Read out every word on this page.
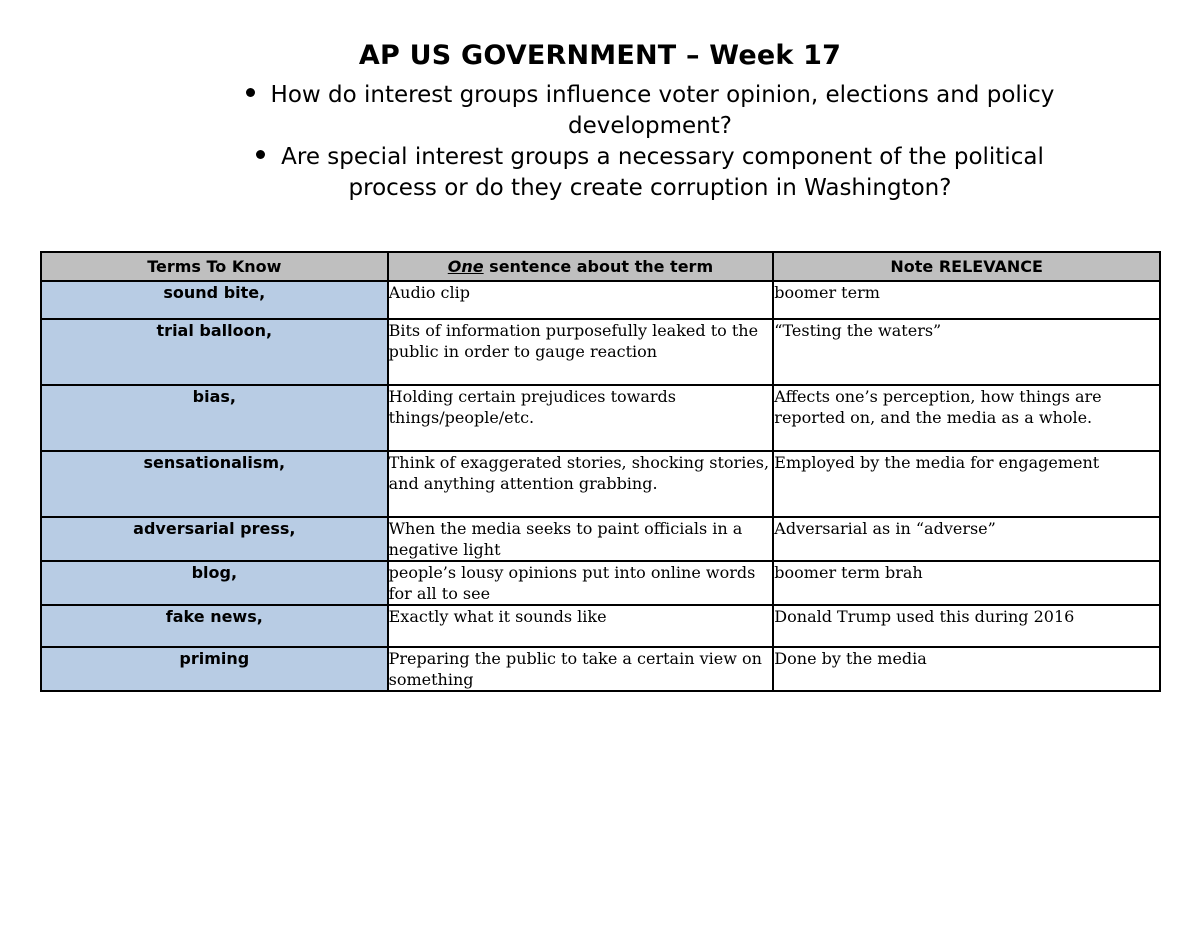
AP US GOVERNMENT – Week 17
How do interest groups influence voter opinion, elections and policy development?
Are special interest groups a necessary component of the political process or do they create corruption in Washington?
Terms To Know	One sentence about the term	Note RELEVANCE
sound bite,	Audio clip	boomer term
trial balloon,	Bits of information purposefully leaked to the public in order to gauge reaction	“Testing the waters”
bias,	Holding certain prejudices towards things/people/etc.	Affects one’s perception, how things are reported on, and the media as a whole.
sensationalism,	Think of exaggerated stories, shocking stories, and anything attention grabbing.	Employed by the media for engagement
adversarial press,	When the media seeks to paint officials in a negative light	Adversarial as in “adverse”
blog,	people’s lousy opinions put into online words for all to see	boomer term brah
fake news,	Exactly what it sounds like	Donald Trump used this during 2016
priming	Preparing the public to take a certain view on something	Done by the media
